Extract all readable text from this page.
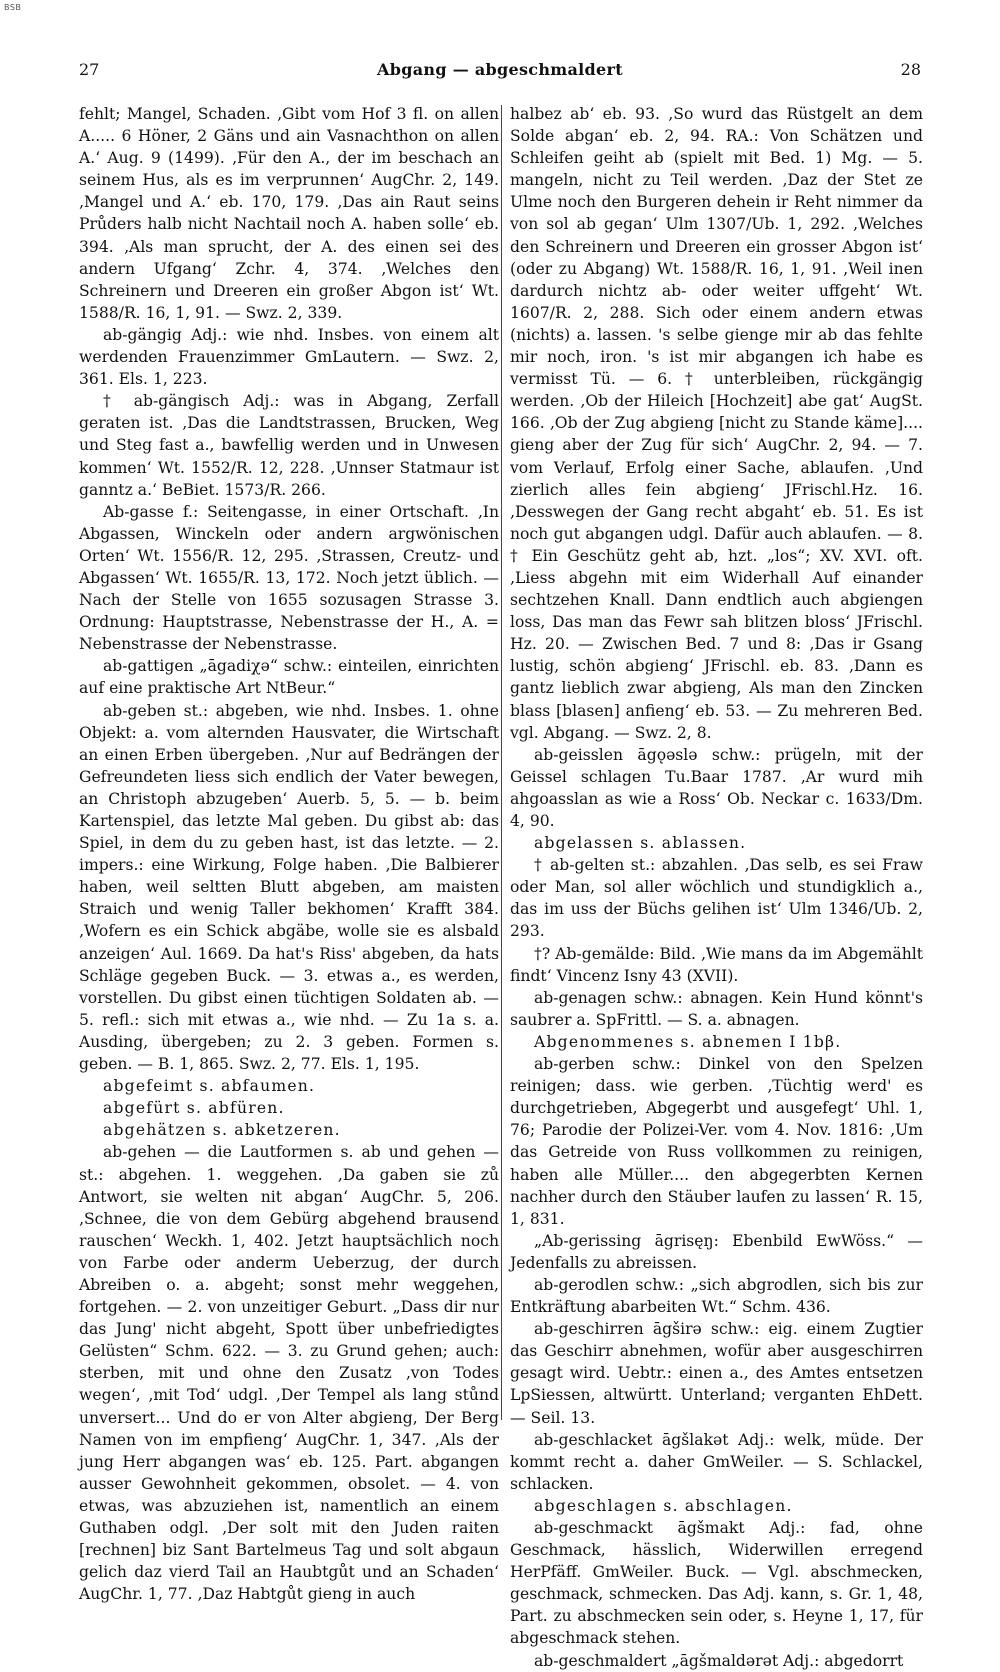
BSB
27	Abgang — abgeschmaldert	28

fehlt; Mangel, Schaden. ‚Gibt vom Hof 3 fl. on allen A..... 6 Höner, 2 Gäns und ain Vasnachthon on allen A.‘ Aug. 9 (1499). ‚Für den A., der im beschach an seinem Hus, als es im verprunnen‘ AugChr. 2, 149. ‚Mangel und A.‘ eb. 170, 179. ‚Das ain Raut seins Průders halb nicht Nachtail noch A. haben solle‘ eb. 394. ‚Als man sprucht, der A. des einen sei des andern Ufgang‘ Zchr. 4, 374. ‚Welches den Schreinern und Dreeren ein großer Abgon ist‘ Wt. 1588/R. 16, 1, 91. — Swz. 2, 339.

ab-gängig Adj.: wie nhd. Insbes. von einem alt werdenden Frauenzimmer GmLautern. — Swz. 2, 361. Els. 1, 223.

† ab-gängisch Adj.: was in Abgang, Zerfall geraten ist. ‚Das die Landtstrassen, Brucken, Weg und Steg fast a., bawfellig werden und in Unwesen kommen‘ Wt. 1552/R. 12, 228. ‚Unnser Statmaur ist ganntz a.‘ BeBiet. 1573/R. 266.

Ab-gasse f.: Seitengasse, in einer Ortschaft. ‚In Abgassen, Winckeln oder andern argwönischen Orten‘ Wt. 1556/R. 12, 295. ‚Strassen, Creutz- und Abgassen‘ Wt. 1655/R. 13, 172. Noch jetzt üblich. — Nach der Stelle von 1655 sozusagen Strasse 3. Ordnung: Hauptstrasse, Nebenstrasse der H., A. = Nebenstrasse der Nebenstrasse.

ab-gattigen „āgadiχə“ schw.: einteilen, einrichten auf eine praktische Art NtBeur.“

ab-geben st.: abgeben, wie nhd. Insbes. 1. ohne Objekt: a. vom alternden Hausvater, die Wirtschaft an einen Erben übergeben. ‚Nur auf Bedrängen der Gefreundeten liess sich endlich der Vater bewegen, an Christoph abzugeben‘ Auerb. 5, 5. — b. beim Kartenspiel, das letzte Mal geben. Du gibst ab: das Spiel, in dem du zu geben hast, ist das letzte. — 2. impers.: eine Wirkung, Folge haben. ‚Die Balbierer haben, weil seltten Blutt abgeben, am maisten Straich und wenig Taller bekhomen‘ Krafft 384. ‚Wofern es ein Schick abgäbe, wolle sie es alsbald anzeigen‘ Aul. 1669. Da hat's Riss' abgeben, da hats Schläge gegeben Buck. — 3. etwas a., es werden, vorstellen. Du gibst einen tüchtigen Soldaten ab. — 5. refl.: sich mit etwas a., wie nhd. — Zu 1a s. a. Ausding, übergeben; zu 2. 3 geben. Formen s. geben. — B. 1, 865. Swz. 2, 77. Els. 1, 195.

abgefeimt s. abfaumen.

abgefürt s. abfüren.

abgehätzen s. abketzeren.

ab-gehen — die Lautformen s. ab und gehen — st.: abgehen. 1. weggehen. ‚Da gaben sie zů Antwort, sie welten nit abgan‘ AugChr. 5, 206. ‚Schnee, die von dem Gebürg abgehend brausend rauschen‘ Weckh. 1, 402. Jetzt hauptsächlich noch von Farbe oder anderm Ueberzug, der durch Abreiben o. a. abgeht; sonst mehr weggehen, fortgehen. — 2. von unzeitiger Geburt. „Dass dir nur das Jung' nicht abgeht, Spott über unbefriedigtes Gelüsten“ Schm. 622. — 3. zu Grund gehen; auch: sterben, mit und ohne den Zusatz ‚von Todes wegen‘, ‚mit Tod‘ udgl. ‚Der Tempel als lang stůnd unversert... Und do er von Alter abgieng, Der Berg Namen von im empfieng‘ AugChr. 1, 347. ‚Als der jung Herr abgangen was‘ eb. 125. Part. abgangen ausser Gewohnheit gekommen, obsolet. — 4. von etwas, was abzuziehen ist, namentlich an einem Guthaben odgl. ‚Der solt mit den Juden raiten [rechnen] biz Sant Bartelmeus Tag und solt abgaun gelich daz vierd Tail an Haubtgůt und an Schaden‘ AugChr. 1, 77. ‚Daz Habtgůt gieng in auch

halbez ab‘ eb. 93. ‚So wurd das Rüstgelt an dem Solde abgan‘ eb. 2, 94. RA.: Von Schätzen und Schleifen geiht ab (spielt mit Bed. 1) Mg. — 5. mangeln, nicht zu Teil werden. ‚Daz der Stet ze Ulme noch den Burgeren dehein ir Reht nimmer da von sol ab gegan‘ Ulm 1307/Ub. 1, 292. ‚Welches den Schreinern und Dreeren ein grosser Abgon ist‘ (oder zu Abgang) Wt. 1588/R. 16, 1, 91. ‚Weil inen dardurch nichtz ab- oder weiter uffgeht‘ Wt. 1607/R. 2, 288. Sich oder einem andern etwas (nichts) a. lassen. 's selbe gienge mir ab das fehlte mir noch, iron. 's ist mir abgangen ich habe es vermisst Tü. — 6. † unterbleiben, rückgängig werden. ‚Ob der Hileich [Hochzeit] abe gat‘ AugSt. 166. ‚Ob der Zug abgieng [nicht zu Stande käme].... gieng aber der Zug für sich‘ AugChr. 2, 94. — 7. vom Verlauf, Erfolg einer Sache, ablaufen. ‚Und zierlich alles fein abgieng‘ JFrischl.Hz. 16. ‚Desswegen der Gang recht abgaht‘ eb. 51. Es ist noch gut abgangen udgl. Dafür auch ablaufen. — 8. † Ein Geschütz geht ab, hzt. „los“; XV. XVI. oft. ‚Liess abgehn mit eim Widerhall Auf einander sechtzehen Knall. Dann endtlich auch abgiengen loss, Das man das Fewr sah blitzen bloss‘ JFrischl. Hz. 20. — Zwischen Bed. 7 und 8: ‚Das ir Gsang lustig, schön abgieng‘ JFrischl. eb. 83. ‚Dann es gantz lieblich zwar abgieng, Als man den Zincken blass [blasen] anfieng‘ eb. 53. — Zu mehreren Bed. vgl. Abgang. — Swz. 2, 8.

ab-geisslen āgǫəslə schw.: prügeln, mit der Geissel schlagen Tu.Baar 1787. ‚Ar wurd mih ahgoasslan as wie a Ross‘ Ob. Neckar c. 1633/Dm. 4, 90.

abgelassen s. ablassen.

† ab-gelten st.: abzahlen. ‚Das selb, es sei Fraw oder Man, sol aller wöchlich und stundigklich a., das im uss der Büchs gelihen ist‘ Ulm 1346/Ub. 2, 293.

†? Ab-gemälde: Bild. ‚Wie mans da im Abgemählt findt‘ Vincenz Isny 43 (XVII).

ab-genagen schw.: abnagen. Kein Hund könnt's saubrer a. SpFrittl. — S. a. abnagen.

Abgenommenes s. abnemen I 1bβ.

ab-gerben schw.: Dinkel von den Spelzen reinigen; dass. wie gerben. ‚Tüchtig werd' es durchgetrieben, Abgegerbt und ausgefegt‘ Uhl. 1, 76; Parodie der Polizei-Ver. vom 4. Nov. 1816: ‚Um das Getreide von Russ vollkommen zu reinigen, haben alle Müller.... den abgegerbten Kernen nachher durch den Stäuber laufen zu lassen‘ R. 15, 1, 831.

„Ab-gerissing āgrisęŋ: Ebenbild EwWöss.“ — Jedenfalls zu abreissen.

ab-gerodlen schw.: „sich abgrodlen, sich bis zur Entkräftung abarbeiten Wt.“ Schm. 436.

ab-geschirren āgširə schw.: eig. einem Zugtier das Geschirr abnehmen, wofür aber ausgeschirren gesagt wird. Uebtr.: einen a., des Amtes entsetzen LpSiessen, altwürtt. Unterland; verganten EhDett. — Seil. 13.

ab-geschlacket āgšlakət Adj.: welk, müde. Der kommt recht a. daher GmWeiler. — S. Schlackel, schlacken.

abgeschlagen s. abschlagen.

ab-geschmackt āgšmakt Adj.: fad, ohne Geschmack, hässlich, Widerwillen erregend HerPfäff. GmWeiler. Buck. — Vgl. abschmecken, geschmack, schmecken. Das Adj. kann, s. Gr. 1, 48, Part. zu abschmecken sein oder, s. Heyne 1, 17, für abgeschmack stehen.

ab-geschmaldert „āgšmaldərət Adj.: abgedorrt
